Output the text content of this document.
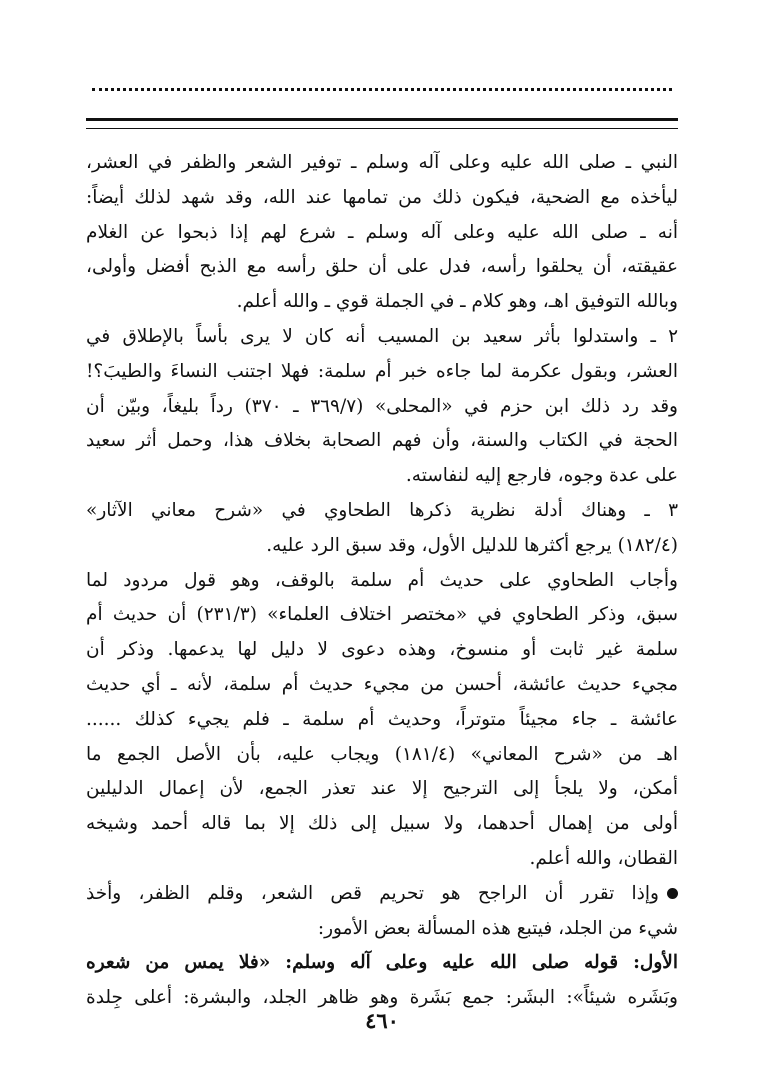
النبي ـ صلى الله عليه وعلى آله وسلم ـ توفير الشعر والظفر في العشر،
ليأخذه مع الضحية، فيكون ذلك من تمامها عند الله، وقد شهد لذلك أيضاً:
أنه ـ صلى الله عليه وعلى آله وسلم ـ شرع لهم إذا ذبحوا عن الغلام
عقيقته، أن يحلقوا رأسه، فدل على أن حلق رأسه مع الذبح أفضل وأولى،
وبالله التوفيق اهـ، وهو كلام ـ في الجملة قوي ـ والله أعلم.
٢ ـ واستدلوا بأثر سعيد بن المسيب أنه كان لا يرى بأساً بالإطلاق في
العشر، وبقول عكرمة لما جاءه خبر أم سلمة: فهلا اجتنب النساءَ والطيبَ؟!
وقد رد ذلك ابن حزم في «المحلى» (٣٦٩/٧ ـ ٣٧٠) رداً بليغاً، وبيّن أن
الحجة في الكتاب والسنة، وأن فهم الصحابة بخلاف هذا، وحمل أثر سعيد
على عدة وجوه، فارجع إليه لنفاسته.
٣ ـ وهناك أدلة نظرية ذكرها الطحاوي في «شرح معاني الآثار»
(١٨٢/٤) يرجع أكثرها للدليل الأول، وقد سبق الرد عليه.
وأجاب الطحاوي على حديث أم سلمة بالوقف، وهو قول مردود لما
سبق، وذكر الطحاوي في «مختصر اختلاف العلماء» (٢٣١/٣) أن حديث أم
سلمة غير ثابت أو منسوخ، وهذه دعوى لا دليل لها يدعمها. وذكر أن
مجيء حديث عائشة، أحسن من مجيء حديث أم سلمة، لأنه ـ أي حديث
عائشة ـ جاء مجيئاً متوتراً، وحديث أم سلمة ـ فلم يجيء كذلك ......
اهـ من «شرح المعاني» (١٨١/٤) ويجاب عليه، بأن الأصل الجمع ما
أمكن، ولا يلجأ إلى الترجيح إلا عند تعذر الجمع، لأن إعمال الدليلين
أولى من إهمال أحدهما، ولا سبيل إلى ذلك إلا بما قاله أحمد وشيخه
القطان، والله أعلم.
وإذا تقرر أن الراجح هو تحريم قص الشعر، وقلم الظفر، وأخذ
شيء من الجلد، فيتبع هذه المسألة بعض الأمور:
الأول: قوله صلى الله عليه وعلى آله وسلم: «فلا يمس من شعره
وبَشَره شيئاً»: البشَر: جمع بَشَرة وهو ظاهر الجلد، والبشرة: أعلى جِلدة
٤٦٠
